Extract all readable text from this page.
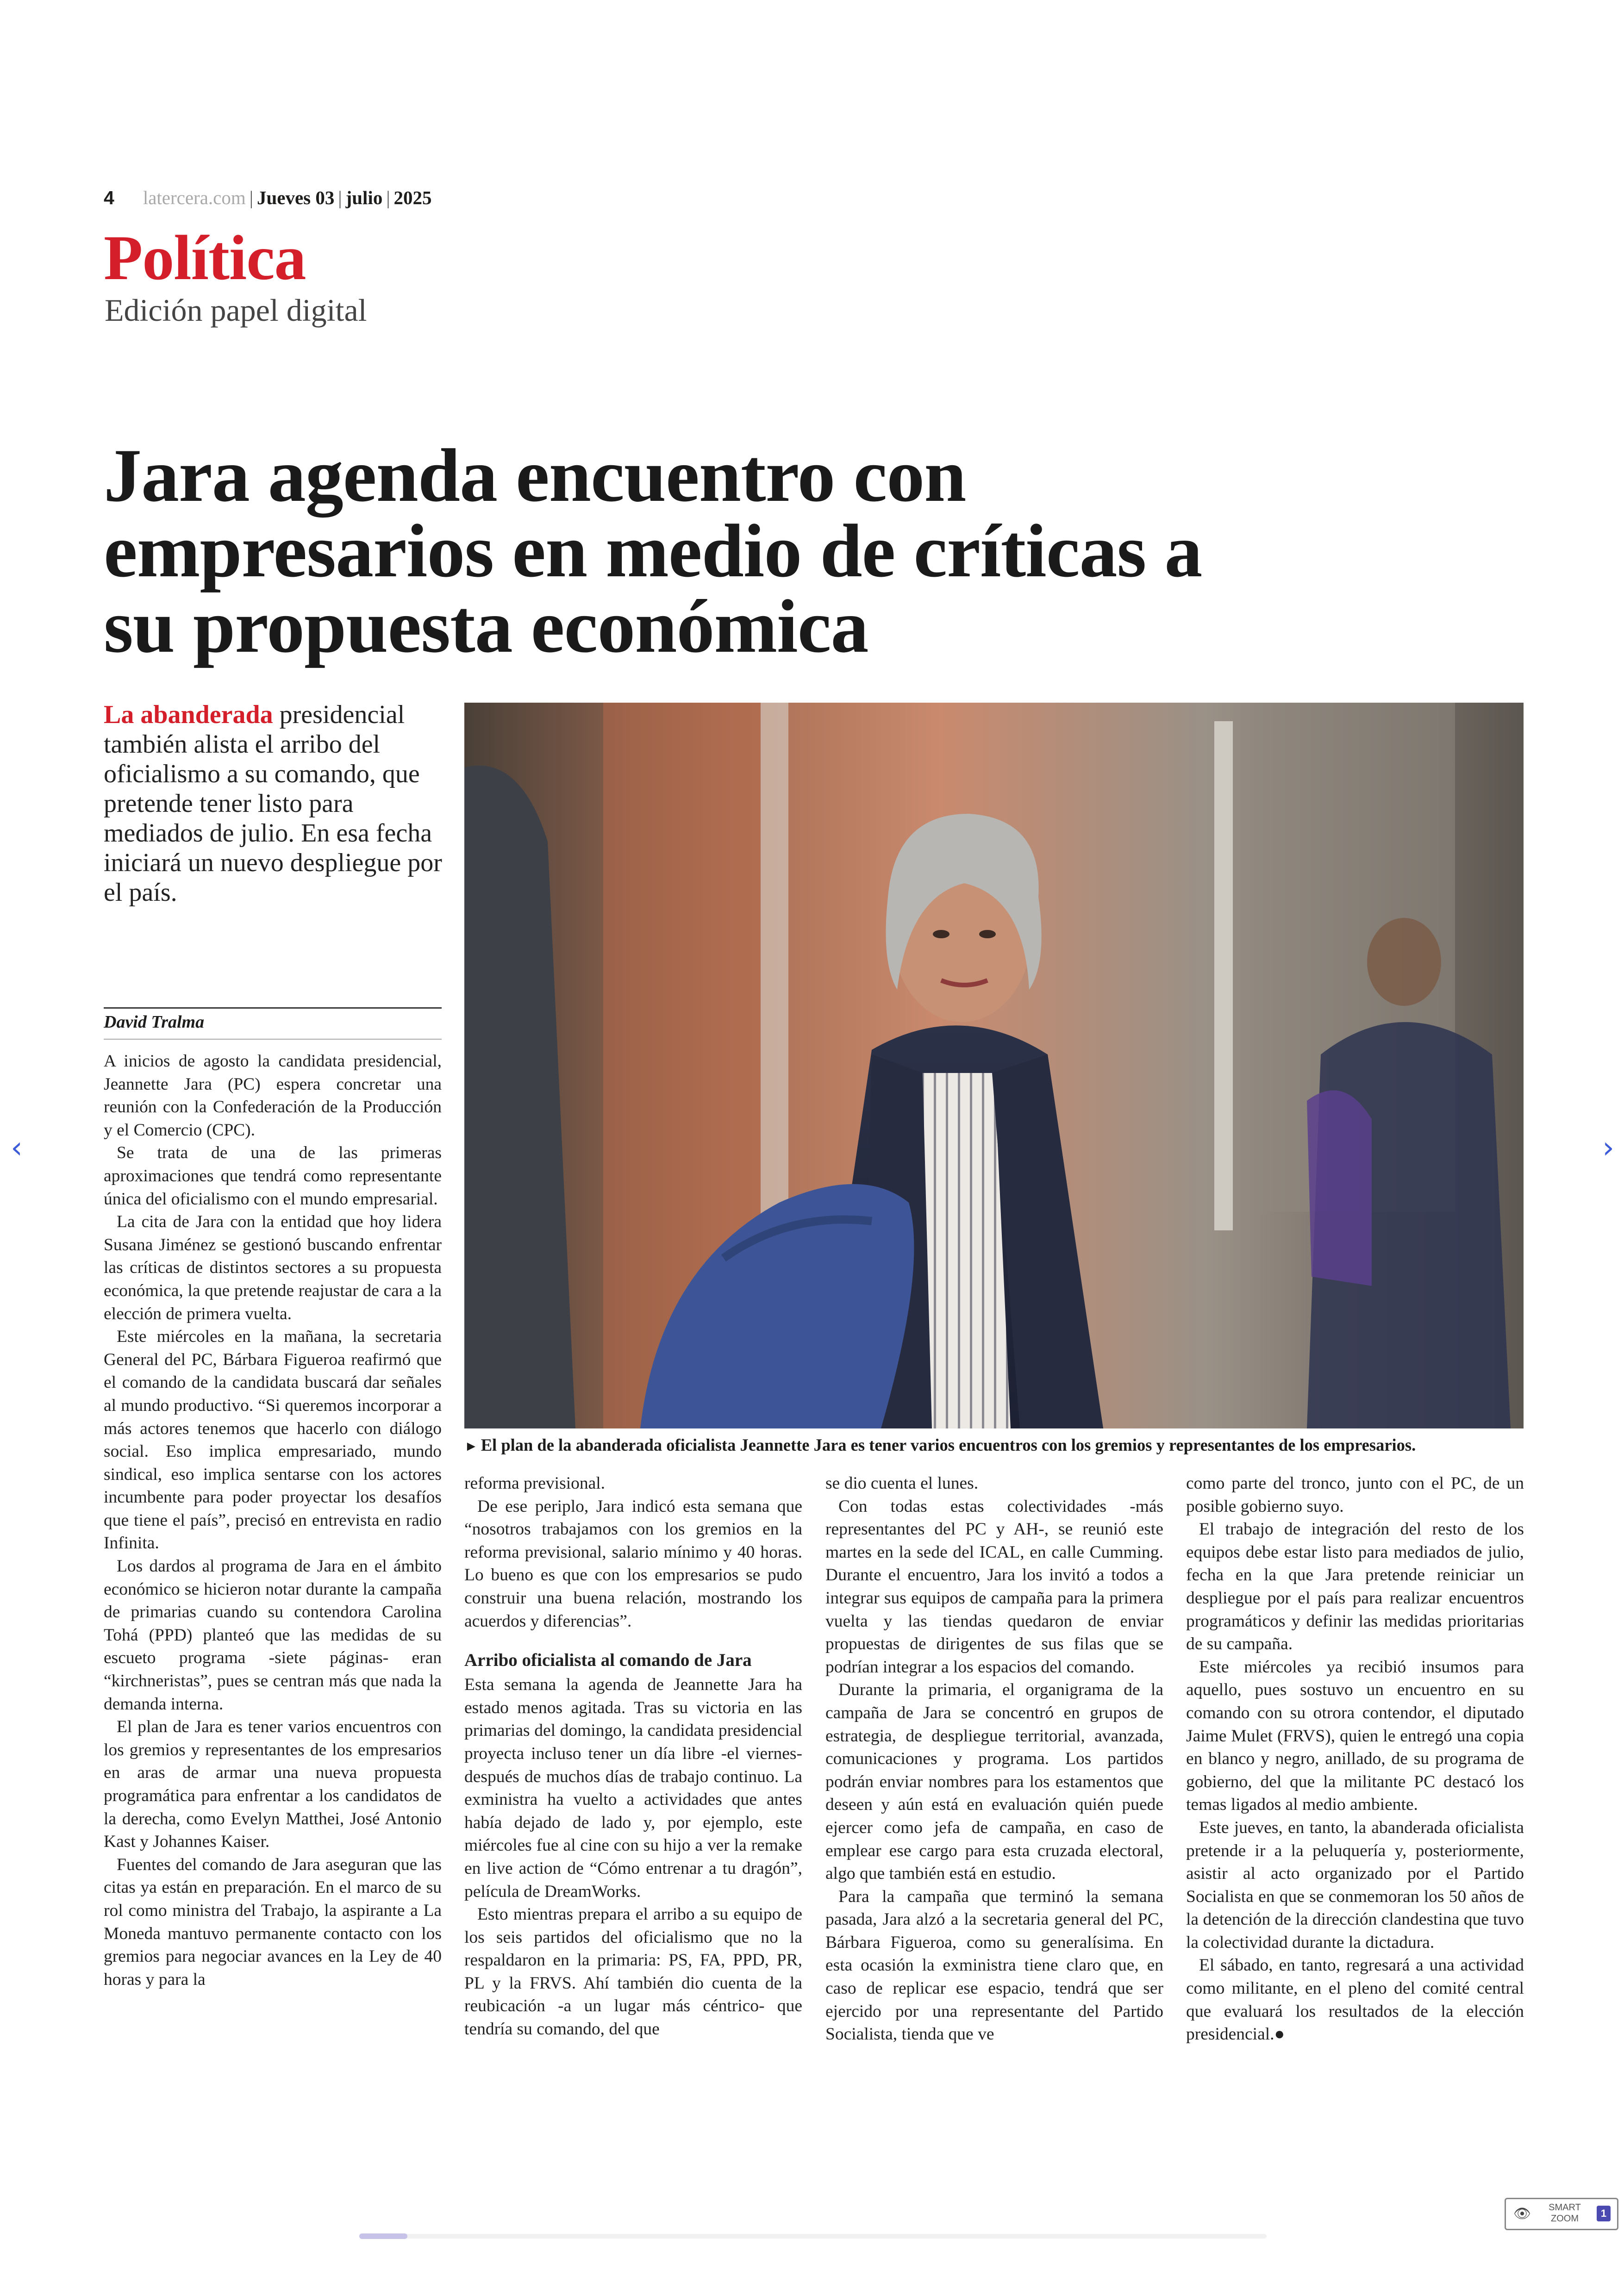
4 latercera.com | Jueves 03 | julio | 2025
Política
Edición papel digital
Jara agenda encuentro con empresarios en medio de críticas a su propuesta económica
La abanderada presidencial también alista el arribo del oficialismo a su comando, que pretende tener listo para mediados de julio. En esa fecha iniciará un nuevo despliegue por el país.
David Tralma

A inicios de agosto la candidata presidencial, Jeannette Jara (PC) espera concretar una reunión con la Confederación de la Producción y el Comercio (CPC).

Se trata de una de las primeras aproximaciones que tendrá como representante única del oficialismo con el mundo empresarial.

La cita de Jara con la entidad que hoy lidera Susana Jiménez se gestionó buscando enfrentar las críticas de distintos sectores a su propuesta económica, la que pretende reajustar de cara a la elección de primera vuelta.

Este miércoles en la mañana, la secretaria General del PC, Bárbara Figueroa reafirmó que el comando de la candidata buscará dar señales al mundo productivo. “Si queremos incorporar a más actores tenemos que hacerlo con diálogo social. Eso implica empresariado, mundo sindical, eso implica sentarse con los actores incumbente para poder proyectar los desafíos que tiene el país”, precisó en entrevista en radio Infinita.

Los dardos al programa de Jara en el ámbito económico se hicieron notar durante la campaña de primarias cuando su contendora Carolina Tohá (PPD) planteó que las medidas de su escueto programa -siete páginas- eran “kirchneristas”, pues se centran más que nada la demanda interna.

El plan de Jara es tener varios encuentros con los gremios y representantes de los empresarios en aras de armar una nueva propuesta programática para enfrentar a los candidatos de la derecha, como Evelyn Matthei, José Antonio Kast y Johannes Kaiser.

Fuentes del comando de Jara aseguran que las citas ya están en preparación. En el marco de su rol como ministra del Trabajo, la aspirante a La Moneda mantuvo permanente contacto con los gremios para negociar avances en la Ley de 40 horas y para la

► El plan de la abanderada oficialista Jeannette Jara es tener varios encuentros con los gremios y representantes de los empresarios.

reforma previsional.

De ese periplo, Jara indicó esta semana que “nosotros trabajamos con los gremios en la reforma previsional, salario mínimo y 40 horas. Lo bueno es que con los empresarios se pudo construir una buena relación, mostrando los acuerdos y diferencias”.

Arribo oficialista al comando de Jara

Esta semana la agenda de Jeannette Jara ha estado menos agitada. Tras su victoria en las primarias del domingo, la candidata presidencial proyecta incluso tener un día libre -el viernes- después de muchos días de trabajo continuo. La exministra ha vuelto a actividades que antes había dejado de lado y, por ejemplo, este miércoles fue al cine con su hijo a ver la remake en live action de “Cómo entrenar a tu dragón”, película de DreamWorks.

Esto mientras prepara el arribo a su equipo de los seis partidos del oficialismo que no la respaldaron en la primaria: PS, FA, PPD, PR, PL y la FRVS. Ahí también dio cuenta de la reubicación -a un lugar más céntrico- que tendría su comando, del que

se dio cuenta el lunes.

Con todas estas colectividades -más representantes del PC y AH-, se reunió este martes en la sede del ICAL, en calle Cumming. Durante el encuentro, Jara los invitó a todos a integrar sus equipos de campaña para la primera vuelta y las tiendas quedaron de enviar propuestas de dirigentes de sus filas que se podrían integrar a los espacios del comando.

Durante la primaria, el organigrama de la campaña de Jara se concentró en grupos de estrategia, de despliegue territorial, avanzada, comunicaciones y programa. Los partidos podrán enviar nombres para los estamentos que deseen y aún está en evaluación quién puede ejercer como jefa de campaña, en caso de emplear ese cargo para esta cruzada electoral, algo que también está en estudio.

Para la campaña que terminó la semana pasada, Jara alzó a la secretaria general del PC, Bárbara Figueroa, como su generalísima. En esta ocasión la exministra tiene claro que, en caso de replicar ese espacio, tendrá que ser ejercido por una representante del Partido Socialista, tienda que ve

como parte del tronco, junto con el PC, de un posible gobierno suyo.

El trabajo de integración del resto de los equipos debe estar listo para mediados de julio, fecha en la que Jara pretende reiniciar un despliegue por el país para realizar encuentros programáticos y definir las medidas prioritarias de su campaña.

Este miércoles ya recibió insumos para aquello, pues sostuvo un encuentro en su comando con su otrora contendor, el diputado Jaime Mulet (FRVS), quien le entregó una copia en blanco y negro, anillado, de su programa de gobierno, del que la militante PC destacó los temas ligados al medio ambiente.

Este jueves, en tanto, la abanderada oficialista pretende ir a la peluquería y, posteriormente, asistir al acto organizado por el Partido Socialista en que se conmemoran los 50 años de la detención de la dirección clandestina que tuvo la colectividad durante la dictadura.

El sábado, en tanto, regresará a una actividad como militante, en el pleno del comité central que evaluará los resultados de la elección presidencial.●

‹	›
👁	SMART ZOOM	1
